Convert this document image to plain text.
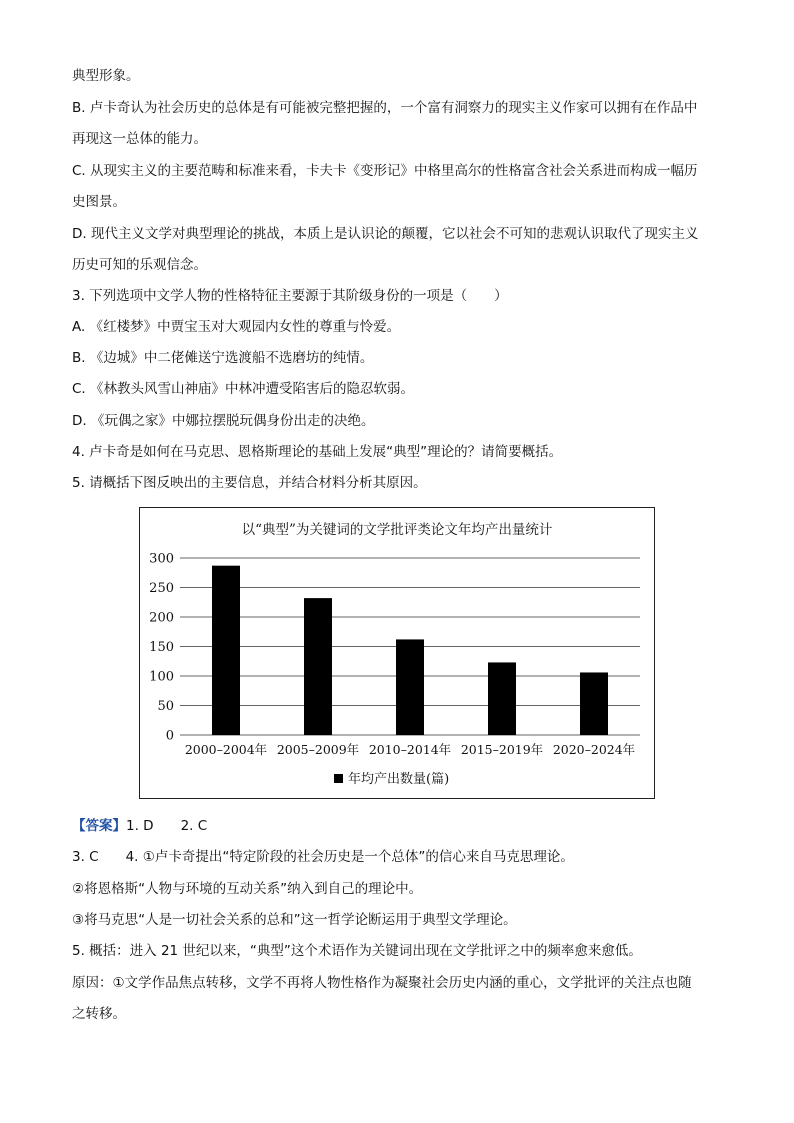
典型形象。
B. 卢卡奇认为社会历史的总体是有可能被完整把握的，一个富有洞察力的现实主义作家可以拥有在作品中
再现这一总体的能力。
C. 从现实主义的主要范畴和标准来看，卡夫卡《变形记》中格里高尔的性格富含社会关系进而构成一幅历
史图景。
D. 现代主义文学对典型理论的挑战，本质上是认识论的颠覆，它以社会不可知的悲观认识取代了现实主义
历史可知的乐观信念。
3. 下列选项中文学人物的性格特征主要源于其阶级身份的一项是（　　）
A. 《红楼梦》中贾宝玉对大观园内女性的尊重与怜爱。
B. 《边城》中二佬傩送宁选渡船不选磨坊的纯情。
C. 《林教头风雪山神庙》中林冲遭受陷害后的隐忍软弱。
D. 《玩偶之家》中娜拉摆脱玩偶身份出走的决绝。
4. 卢卡奇是如何在马克思、恩格斯理论的基础上发展“典型”理论的？请简要概括。
5. 请概括下图反映出的主要信息，并结合材料分析其原因。
以“典型”为关键词的文学批评类论文年均产出量统计
0
50
100
150
200
250
300
2000–2004年 2005–2009年 2010–2014年 2015–2019年 2020–2024年
年均产出数量(篇)
【答案】1. D　　2. C
3. C　　4. ①卢卡奇提出“特定阶段的社会历史是一个总体”的信心来自马克思理论。
②将恩格斯“人物与环境的互动关系”纳入到自己的理论中。
③将马克思“人是一切社会关系的总和”这一哲学论断运用于典型文学理论。
5. 概括：进入 21 世纪以来，“典型”这个术语作为关键词出现在文学批评之中的频率愈来愈低。
原因：①文学作品焦点转移，文学不再将人物性格作为凝聚社会历史内涵的重心，文学批评的关注点也随
之转移。
